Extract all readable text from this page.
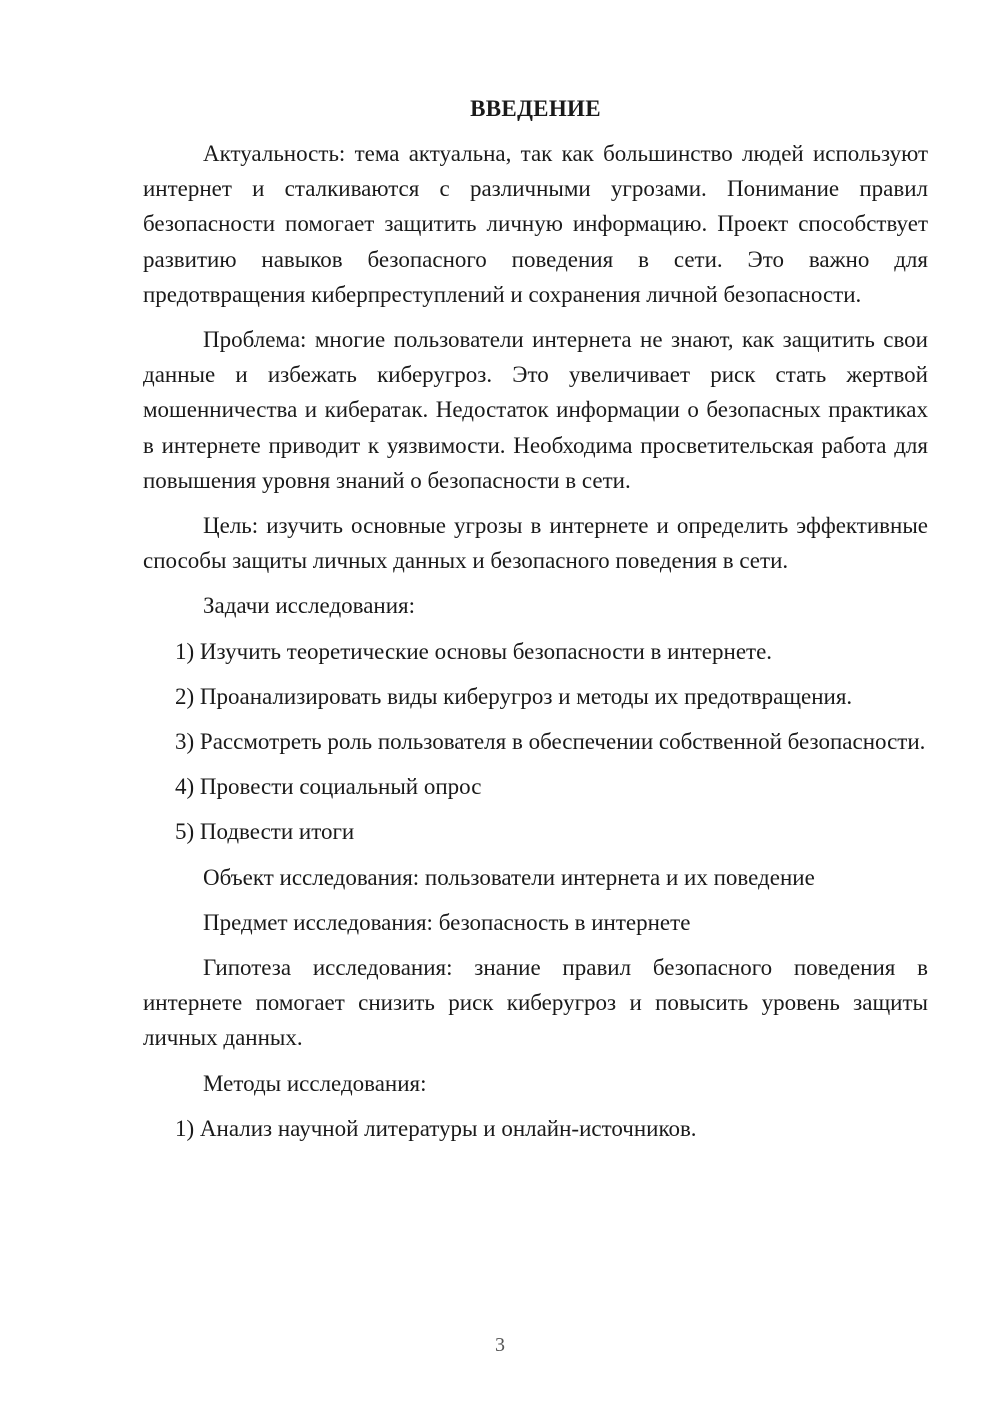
ВВЕДЕНИЕ

Актуальность: тема актуальна, так как большинство людей используют интернет и сталкиваются с различными угрозами. Понимание правил безопасности помогает защитить личную информацию. Проект способствует развитию навыков безопасного поведения в сети. Это важно для предотвращения киберпреступлений и сохранения личной безопасности.

Проблема: многие пользователи интернета не знают, как защитить свои данные и избежать киберугроз. Это увеличивает риск стать жертвой мошенничества и кибератак. Недостаток информации о безопасных практиках в интернете приводит к уязвимости. Необходима просветительская работа для повышения уровня знаний о безопасности в сети.

Цель: изучить основные угрозы в интернете и определить эффективные способы защиты личных данных и безопасного поведения в сети.

Задачи исследования:

1) Изучить теоретические основы безопасности в интернете.

2) Проанализировать виды киберугроз и методы их предотвращения.

3) Рассмотреть роль пользователя в обеспечении собственной безопасности.

4) Провести социальный опрос

5) Подвести итоги

Объект исследования: пользователи интернета и их поведение

Предмет исследования: безопасность в интернете

Гипотеза исследования: знание правил безопасного поведения в интернете помогает снизить риск киберугроз и повысить уровень защиты личных данных.

Методы исследования:

1) Анализ научной литературы и онлайн-источников.

3
